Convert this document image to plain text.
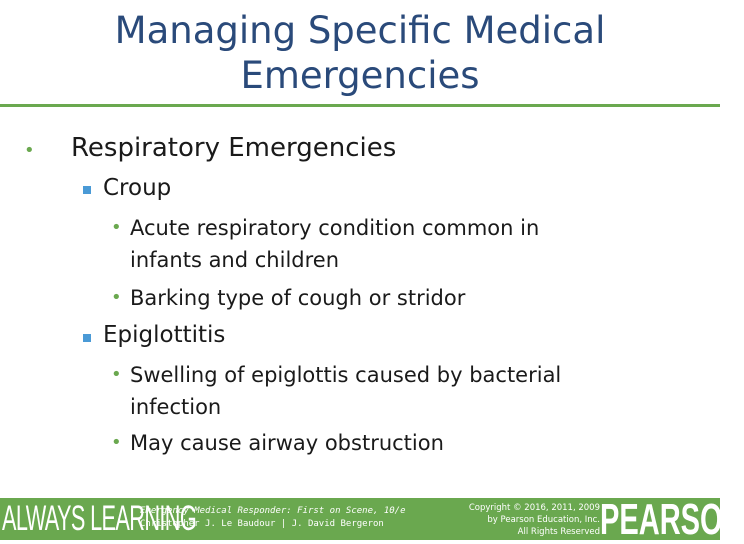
Managing Specific Medical
Emergencies
• Respiratory Emergencies
Croup
• Acute respiratory condition common in
infants and children
• Barking type of cough or stridor
Epiglottitis
• Swelling of epiglottis caused by bacterial
infection
• May cause airway obstruction
ALWAYS LEARNING
Emergency Medical Responder: First on Scene, 10/e
Christopher J. Le Baudour | J. David Bergeron
Copyright © 2016, 2011, 2009
by Pearson Education, Inc.
All Rights Reserved PEARSON
